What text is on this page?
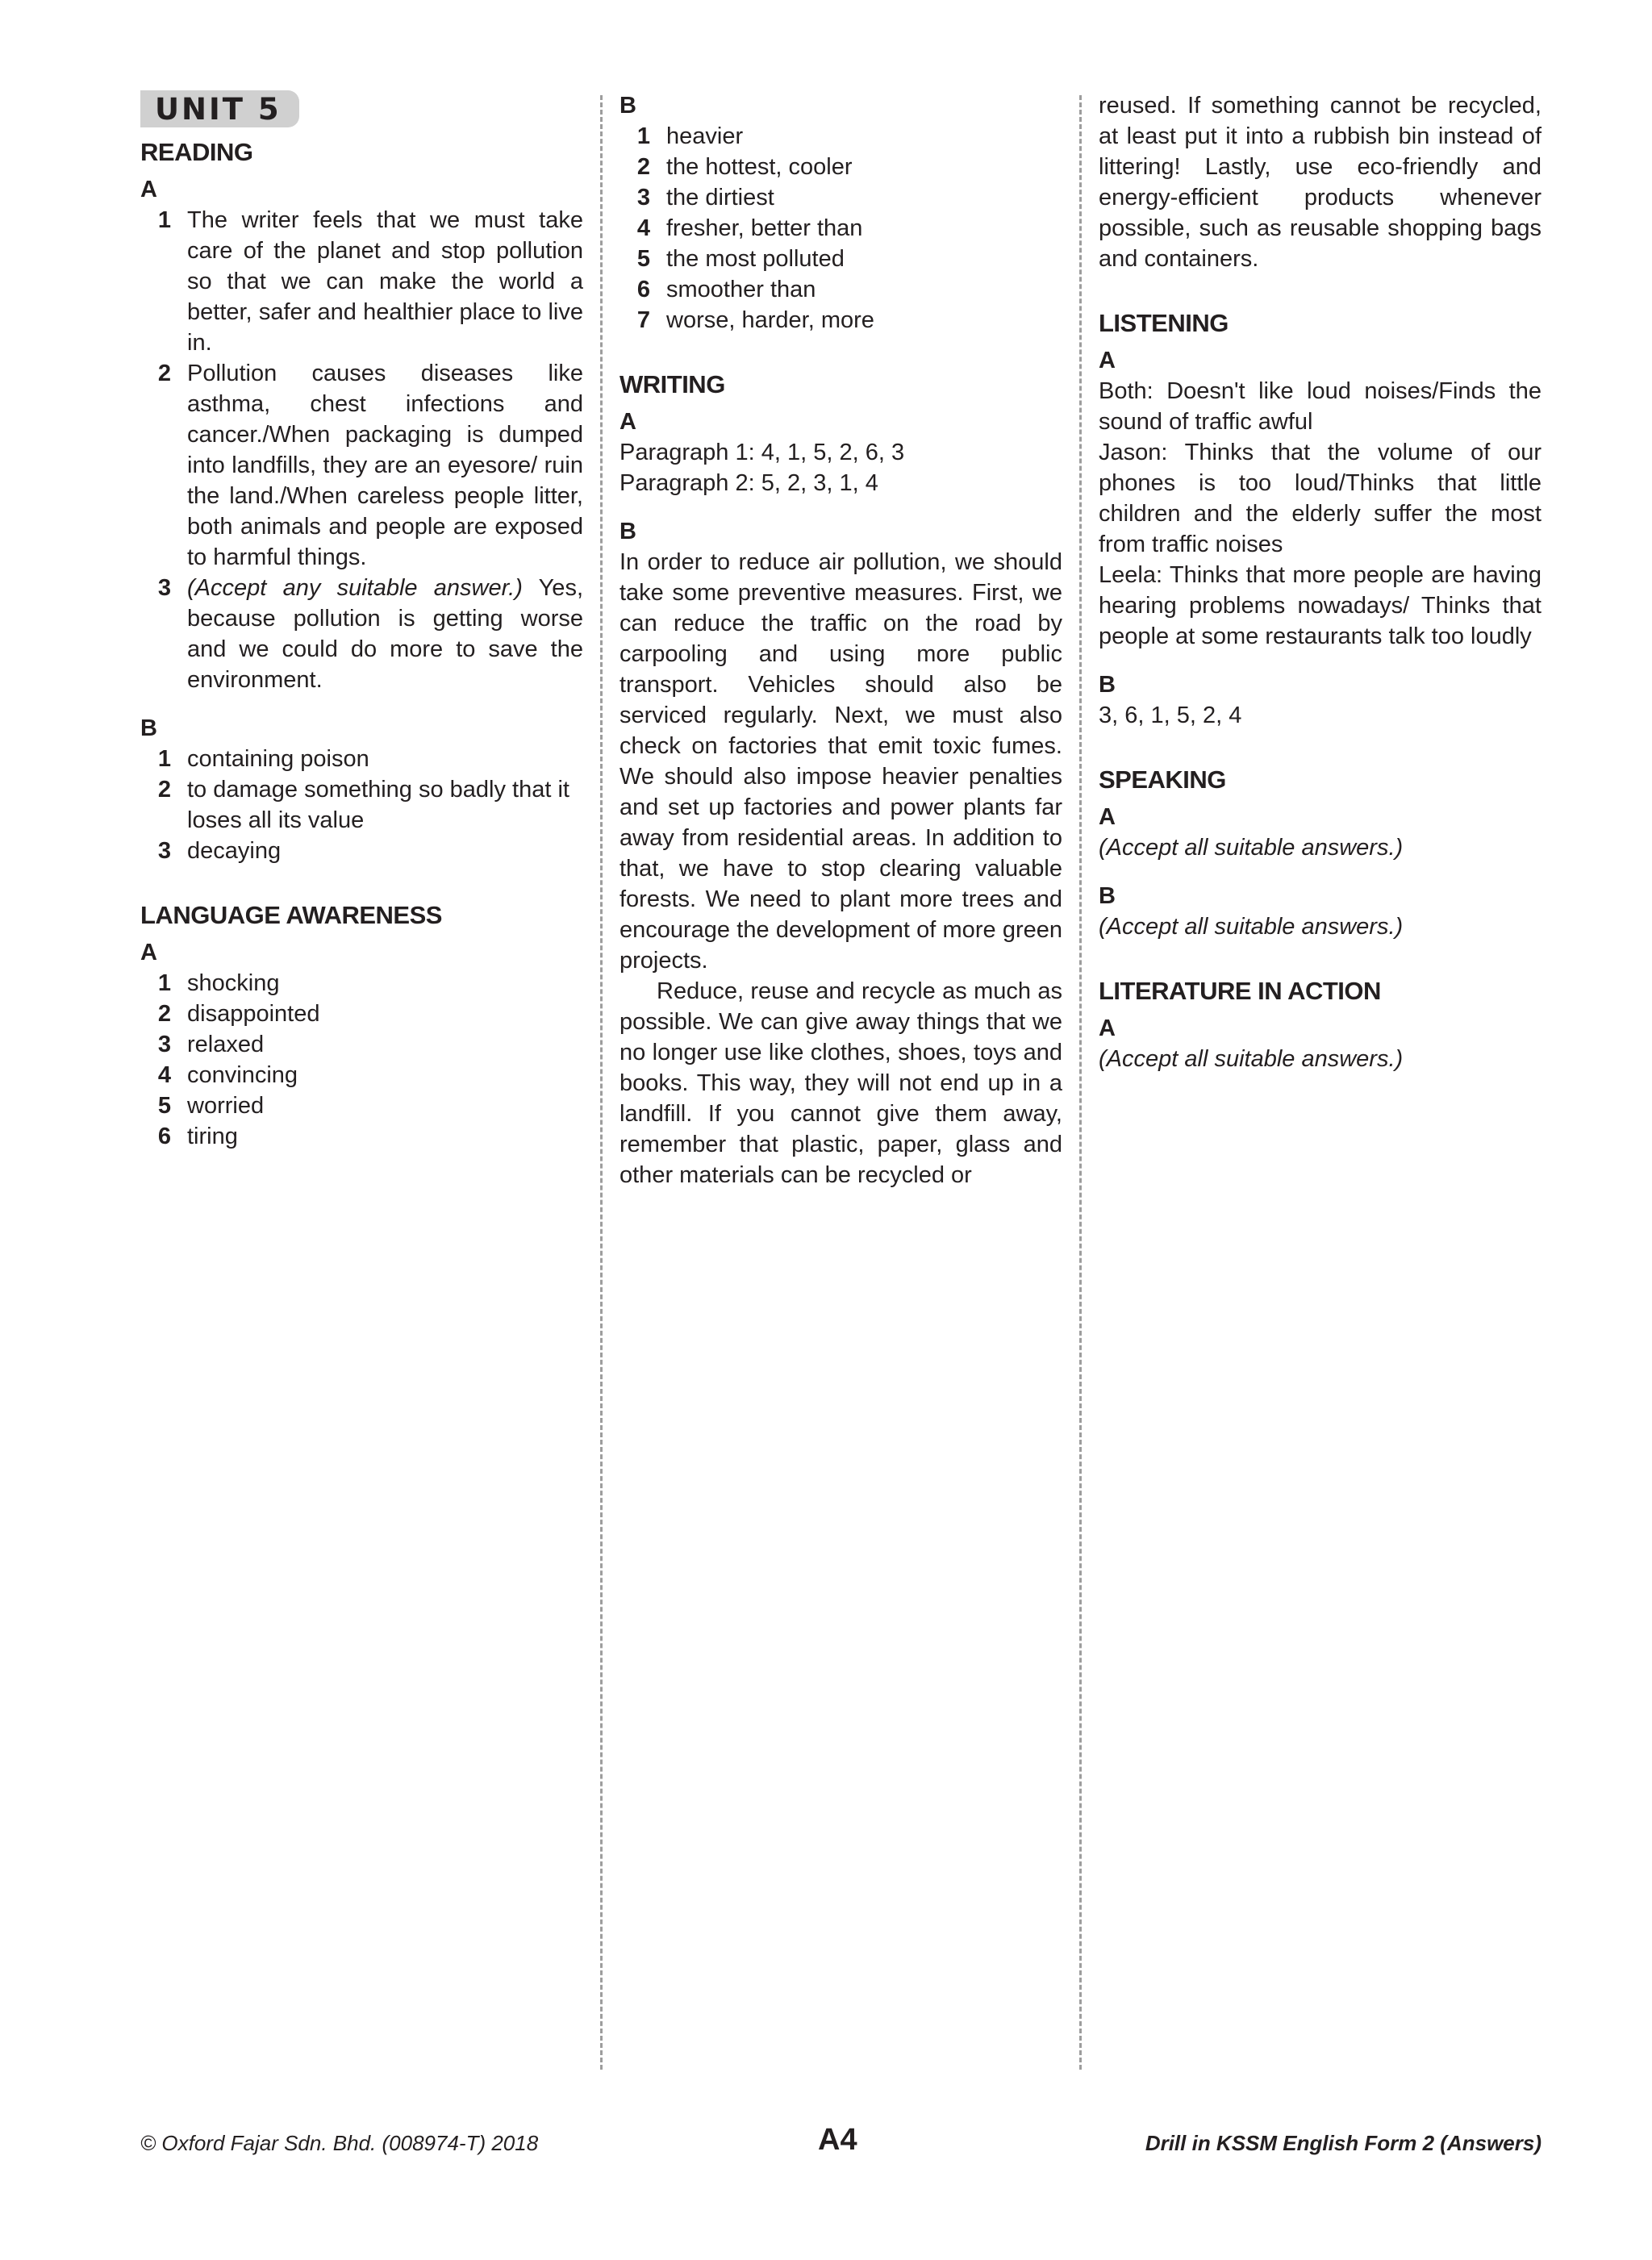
UNIT 5
READING
A
1 The writer feels that we must take care of the planet and stop pollution so that we can make the world a better, safer and healthier place to live in.
2 Pollution causes diseases like asthma, chest infections and cancer./When packaging is dumped into landfills, they are an eyesore/ ruin the land./When careless people litter, both animals and people are exposed to harmful things.
3 (Accept any suitable answer.) Yes, because pollution is getting worse and we could do more to save the environment.
B
1 containing poison
2 to damage something so badly that it loses all its value
3 decaying
LANGUAGE AWARENESS
A
1 shocking
2 disappointed
3 relaxed
4 convincing
5 worried
6 tiring
B
1 heavier
2 the hottest, cooler
3 the dirtiest
4 fresher, better than
5 the most polluted
6 smoother than
7 worse, harder, more
WRITING
A

Paragraph 1: 4, 1, 5, 2, 6, 3

Paragraph 2: 5, 2, 3, 1, 4

B

In order to reduce air pollution, we should take some preventive measures. First, we can reduce the traffic on the road by carpooling and using more public transport. Vehicles should also be serviced regularly. Next, we must also check on factories that emit toxic fumes. We should also impose heavier penalties and set up factories and power plants far away from residential areas. In addition to that, we have to stop clearing valuable forests. We need to plant more trees and encourage the development of more green projects.

Reduce, reuse and recycle as much as possible. We can give away things that we no longer use like clothes, shoes, toys and books. This way, they will not end up in a landfill. If you cannot give them away, remember that plastic, paper, glass and other materials can be recycled or

reused. If something cannot be recycled, at least put it into a rubbish bin instead of littering! Lastly, use eco-friendly and energy-efficient products whenever possible, such as reusable shopping bags and containers.

LISTENING
A

Both: Doesn't like loud noises/Finds the sound of traffic awful

Jason: Thinks that the volume of our phones is too loud/Thinks that little children and the elderly suffer the most from traffic noises

Leela: Thinks that more people are having hearing problems nowadays/ Thinks that people at some restaurants talk too loudly

B

3, 6, 1, 5, 2, 4

SPEAKING
A

(Accept all suitable answers.)

B

(Accept all suitable answers.)

LITERATURE IN ACTION
A

(Accept all suitable answers.)

© Oxford Fajar Sdn. Bhd. (008974-T) 2018	A4	Drill in KSSM English Form 2 (Answers)
